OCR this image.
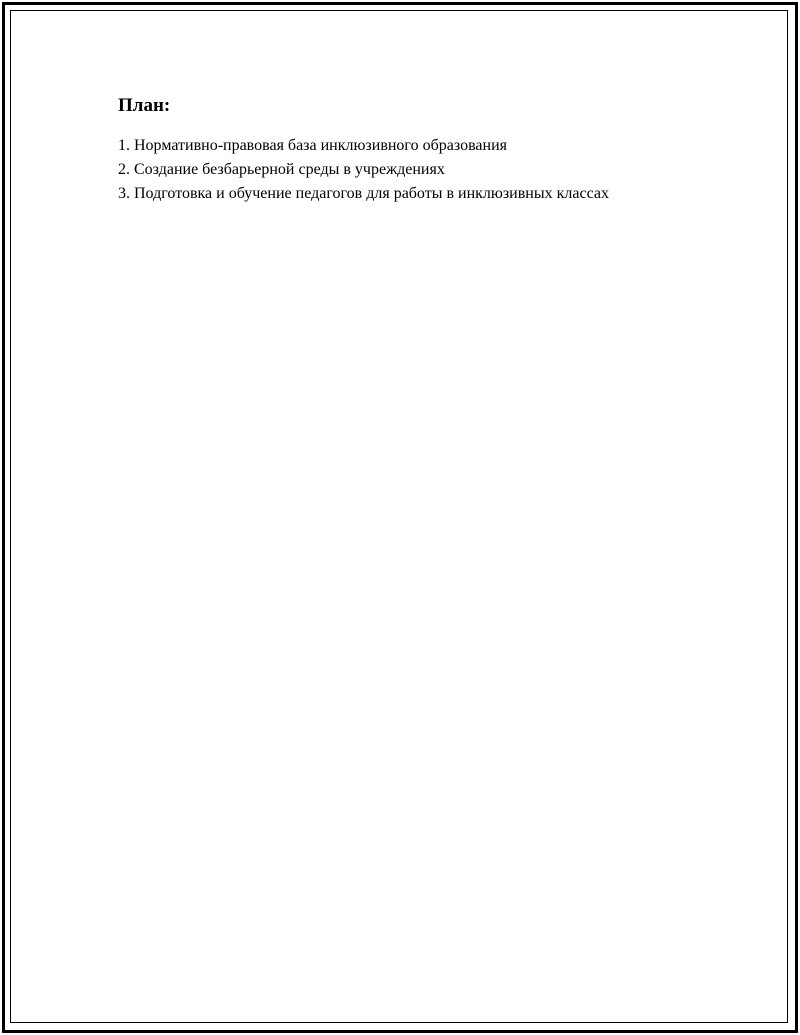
План:
1. Нормативно-правовая база инклюзивного образования
2. Создание безбарьерной среды в учреждениях
3. Подготовка и обучение педагогов для работы в инклюзивных классах
